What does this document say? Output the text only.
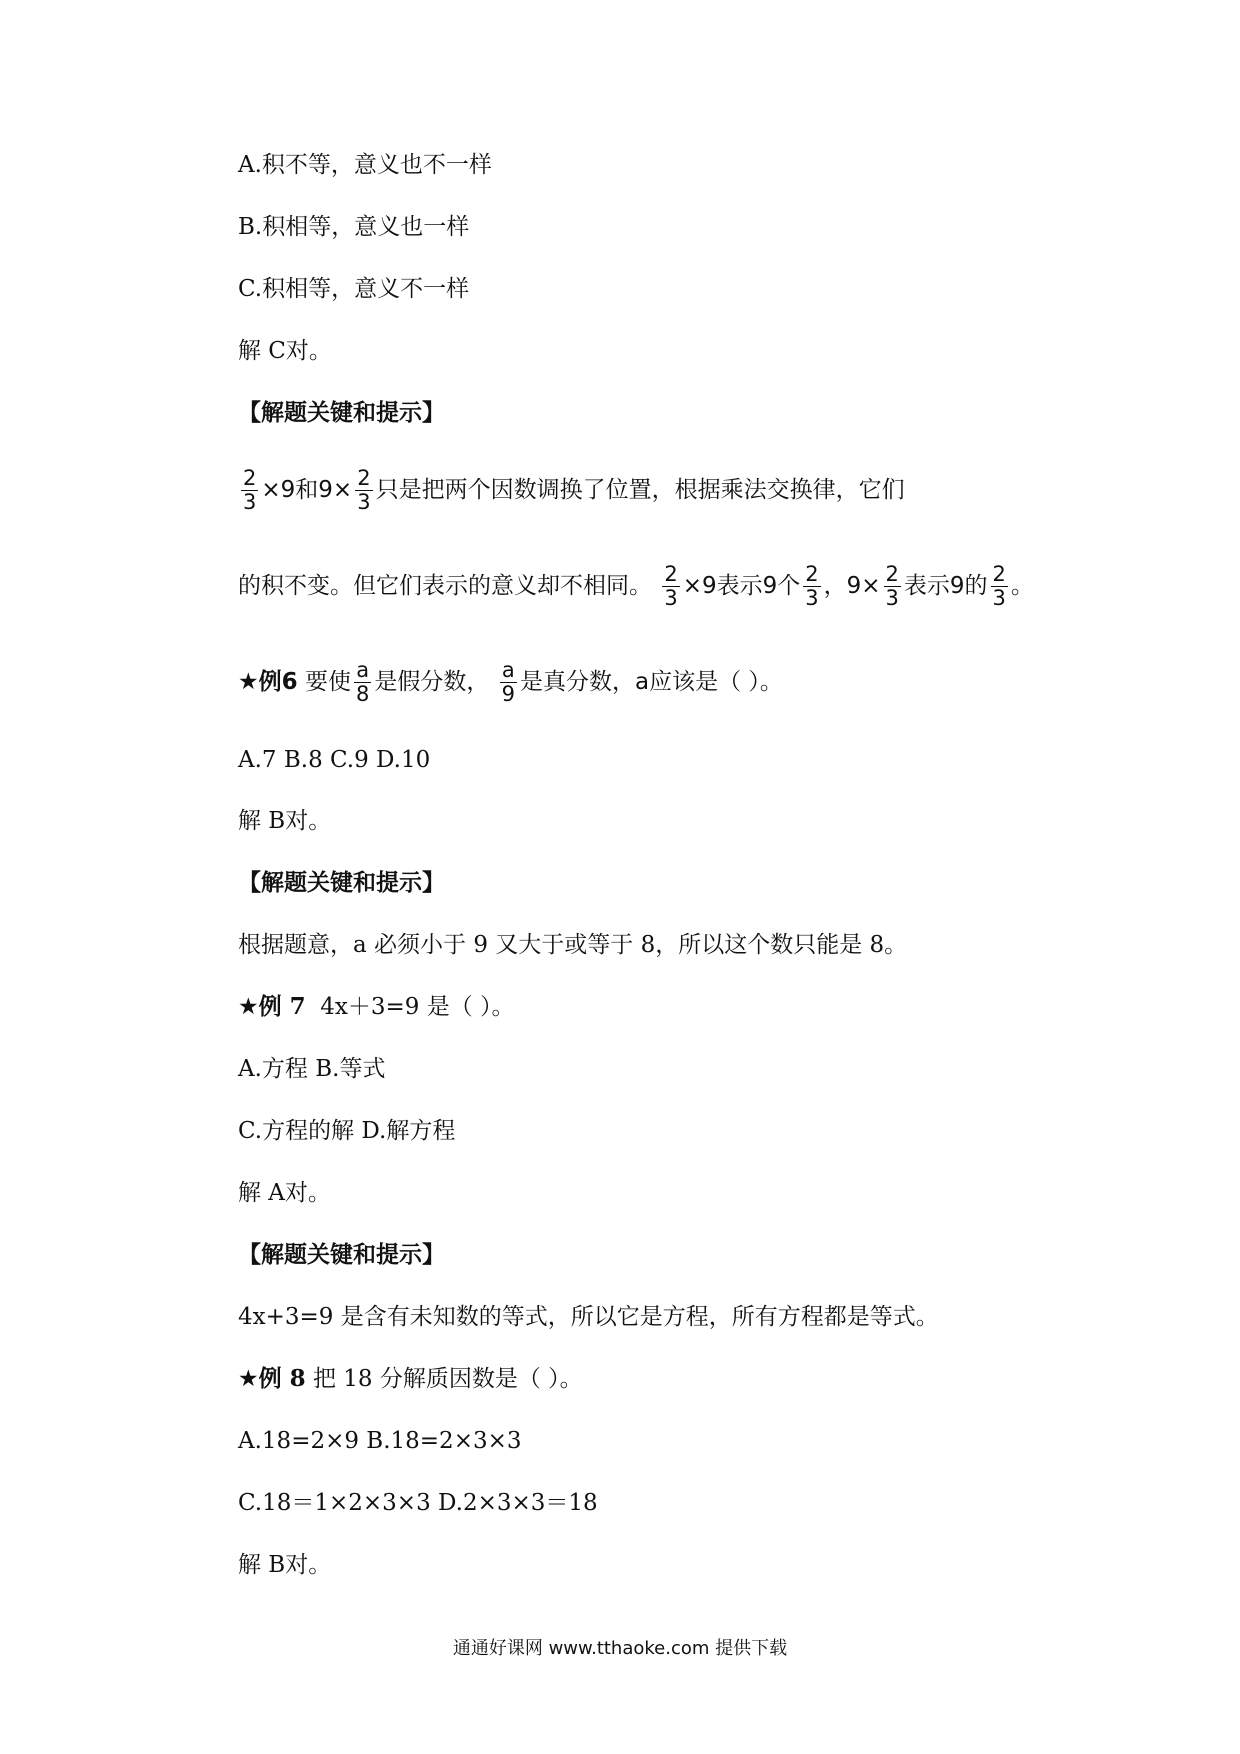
A.积不等，意义也不一样
B.积相等，意义也一样
C.积相等，意义不一样
解 C对。
【解题关键和提示】
$\frac{2}{3} \times 9$和$9\times \frac{2}{3}$ 只是把两个因数调换了位置，根据乘法交换律，它们
的积不变。但它们表示的意义却不相同。 $\frac{2}{3} \times 9$表示9个 $\frac{2}{3}$ ，$9\times \frac{2}{3}$ 表示9的 $\frac{2}{3}$ 。
★例6 要使 $\frac{a}{8}$ 是假分数， $\frac{a}{9}$ 是真分数，a应该是（ ）。
A.7 B.8 C.9 D.10
解 B对。
【解题关键和提示】
根据题意，a 必须小于 9 又大于或等于 8，所以这个数只能是 8。
★例 7 4x＋3=9 是（ ）。
A.方程 B.等式
C.方程的解 D.解方程
解 A对。
【解题关键和提示】
4x+3=9 是含有未知数的等式，所以它是方程，所有方程都是等式。
★例 8 把 18 分解质因数是（ ）。
A.18=2×9 B.18=2×3×3
C.18＝1×2×3×3 D.2×3×3＝18
解 B对。
通通好课网 www.tthaoke.com 提供下载
